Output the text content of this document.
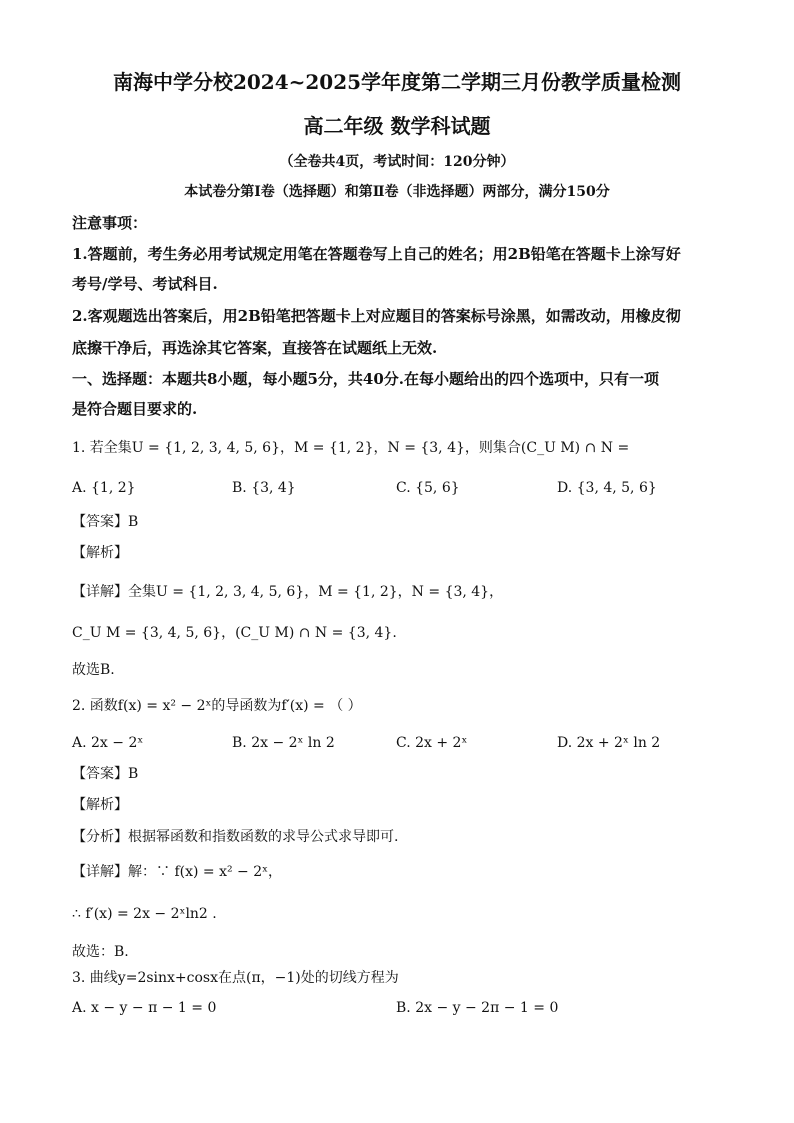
南海中学分校2024~2025学年度第二学期三月份教学质量检测
高二年级 数学科试题
（全卷共4页，考试时间：120分钟）
本试卷分第Ⅰ卷（选择题）和第Ⅱ卷（非选择题）两部分，满分150分
注意事项：
1.答题前，考生务必用考试规定用笔在答题卷写上自己的姓名；用2B铅笔在答题卡上涂写好
考号/学号、考试科目.
2.客观题选出答案后，用2B铅笔把答题卡上对应题目的答案标号涂黑，如需改动，用橡皮彻
底擦干净后，再选涂其它答案，直接答在试题纸上无效.
一、选择题：本题共8小题，每小题5分，共40分.在每小题给出的四个选项中，只有一项
是符合题目要求的.
1. 若全集U = {1, 2, 3, 4, 5, 6}，M = {1, 2}，N = {3, 4}，则集合(C_U M) ∩ N =
A. {1, 2}	B. {3, 4}	C. {5, 6}	D. {3, 4, 5, 6}
【答案】B
【解析】
【详解】全集U = {1, 2, 3, 4, 5, 6}，M = {1, 2}，N = {3, 4}，
C_U M = {3, 4, 5, 6}，(C_U M) ∩ N = {3, 4}.
故选B.
2. 函数f(x) = x² − 2ˣ的导函数为f′(x) = （ ）
A. 2x − 2ˣ	B. 2x − 2ˣ ln 2	C. 2x + 2ˣ	D. 2x + 2ˣ ln 2
【答案】B
【解析】
【分析】根据幂函数和指数函数的求导公式求导即可.
【详解】解：∵ f(x) = x² − 2ˣ，
∴ f′(x) = 2x − 2ˣln2 .
故选：B.
3. 曲线y=2sinx+cosx在点(π，−1)处的切线方程为
A. x − y − π − 1 = 0	B. 2x − y − 2π − 1 = 0
